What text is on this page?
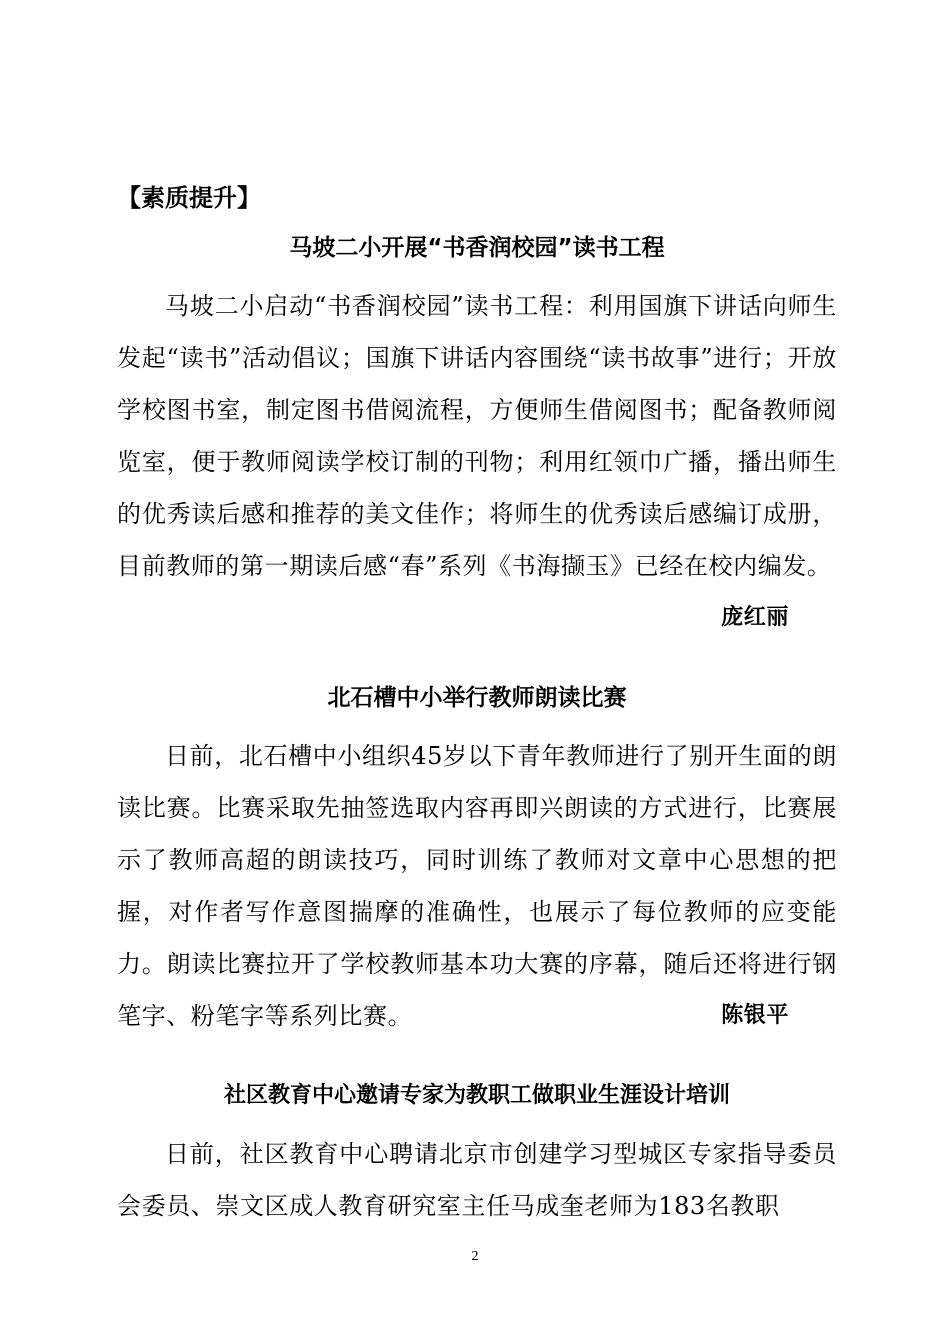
【素质提升】
马坡二小开展“书香润校园”读书工程
马坡二小启动“书香润校园”读书工程：利用国旗下讲话向师生发起“读书”活动倡议；国旗下讲话内容围绕“读书故事”进行；开放学校图书室，制定图书借阅流程，方便师生借阅图书；配备教师阅览室，便于教师阅读学校订制的刊物；利用红领巾广播，播出师生的优秀读后感和推荐的美文佳作；将师生的优秀读后感编订成册，目前教师的第一期读后感“春”系列《书海撷玉》已经在校内编发。
庞红丽
北石槽中小举行教师朗读比赛
日前，北石槽中小组织45岁以下青年教师进行了别开生面的朗读比赛。比赛采取先抽签选取内容再即兴朗读的方式进行，比赛展示了教师高超的朗读技巧，同时训练了教师对文章中心思想的把握，对作者写作意图揣摩的准确性，也展示了每位教师的应变能力。朗读比赛拉开了学校教师基本功大赛的序幕，随后还将进行钢笔字、粉笔字等系列比赛。	陈银平
社区教育中心邀请专家为教职工做职业生涯设计培训
日前，社区教育中心聘请北京市创建学习型城区专家指导委员会委员、崇文区成人教育研究室主任马成奎老师为183名教职
2
